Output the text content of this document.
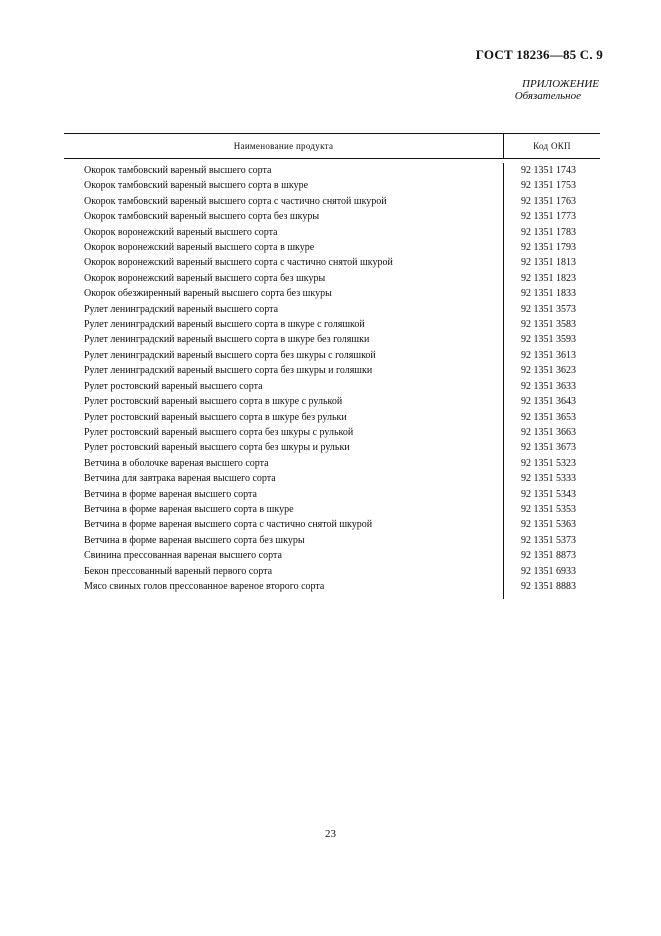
ГОСТ 18236—85 С. 9
ПРИЛОЖЕНИЕ
Обязательное
Наименование продукта	Код ОКП
Окорок тамбовский вареный высшего сорта	92 1351 1743
Окорок тамбовский вареный высшего сорта в шкуре	92 1351 1753
Окорок тамбовский вареный высшего сорта с частично снятой шкурой	92 1351 1763
Окорок тамбовский вареный высшего сорта без шкуры	92 1351 1773
Окорок воронежский вареный высшего сорта	92 1351 1783
Окорок воронежский вареный высшего сорта в шкуре	92 1351 1793
Окорок воронежский вареный высшего сорта с частично снятой шкурой	92 1351 1813
Окорок воронежский вареный высшего сорта без шкуры	92 1351 1823
Окорок обезжиренный вареный высшего сорта без шкуры	92 1351 1833
Рулет ленинградский вареный высшего сорта	92 1351 3573
Рулет ленинградский вареный высшего сорта в шкуре с голяшкой	92 1351 3583
Рулет ленинградский вареный высшего сорта в шкуре без голяшки	92 1351 3593
Рулет ленинградский вареный высшего сорта без шкуры с голяшкой	92 1351 3613
Рулет ленинградский вареный высшего сорта без шкуры и голяшки	92 1351 3623
Рулет ростовский вареный высшего сорта	92 1351 3633
Рулет ростовский вареный высшего сорта в шкуре с рулькой	92 1351 3643
Рулет ростовский вареный высшего сорта в шкуре без рульки	92 1351 3653
Рулет ростовский вареный высшего сорта без шкуры с рулькой	92 1351 3663
Рулет ростовский вареный высшего сорта без шкуры и рульки	92 1351 3673
Ветчина в оболочке вареная высшего сорта	92 1351 5323
Ветчина для завтрака вареная высшего сорта	92 1351 5333
Ветчина в форме вареная высшего сорта	92 1351 5343
Ветчина в форме вареная высшего сорта в шкуре	92 1351 5353
Ветчина в форме вареная высшего сорта с частично снятой шкурой	92 1351 5363
Ветчина в форме вареная высшего сорта без шкуры	92 1351 5373
Свинина прессованная вареная высшего сорта	92 1351 8873
Бекон прессованный вареный первого сорта	92 1351 6933
Мясо свиных голов прессованное вареное второго сорта	92 1351 8883
23
